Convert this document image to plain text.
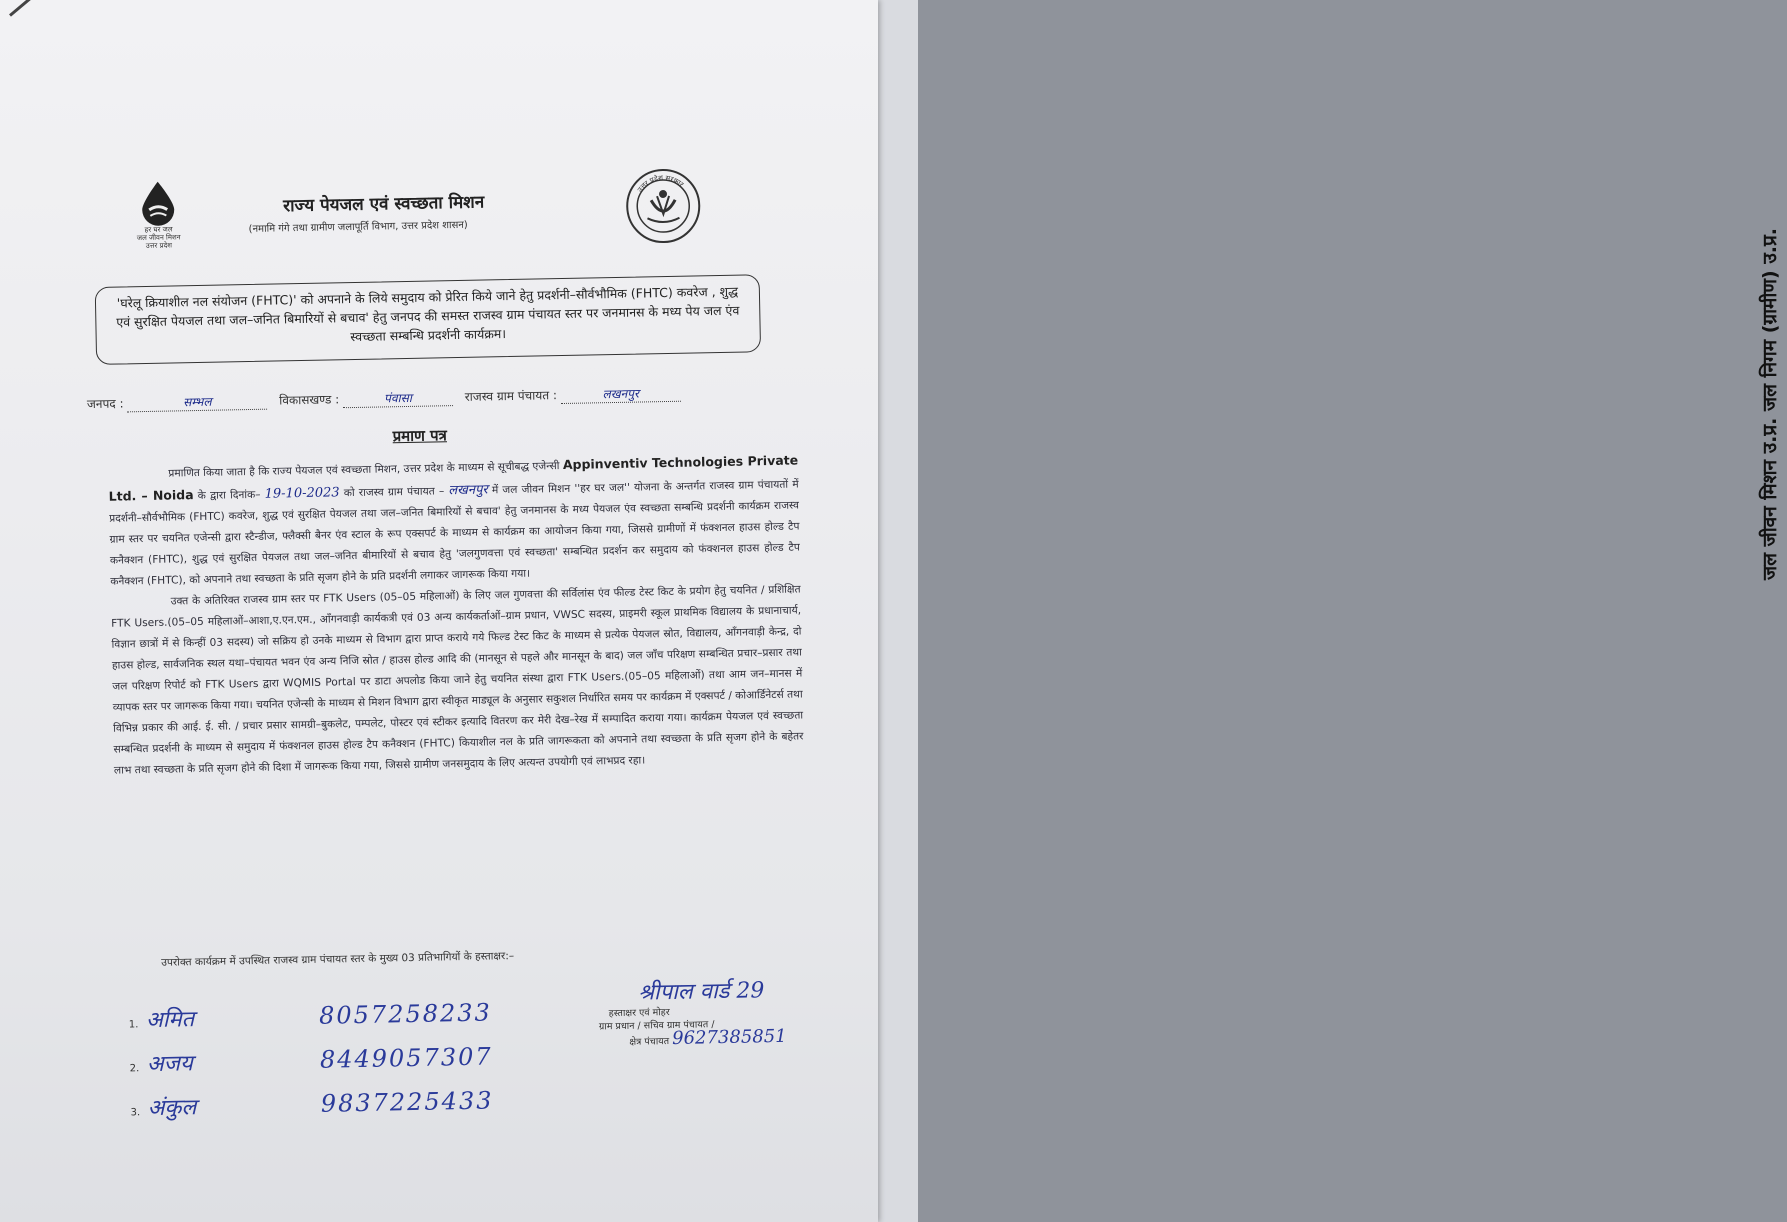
जल जीवन मिशन उ.प्र. जल निगम (ग्रामीण) उ.प्र.
हर घर जल
जल जीवन मिशन
उत्तर प्रदेश
राज्य पेयजल एवं स्वच्छता मिशन
(नमामि गंगे तथा ग्रामीण जलापूर्ति विभाग, उत्तर प्रदेश शासन)
उत्तर प्रदेश सरकार
'घरेलू क्रियाशील नल संयोजन (FHTC)' को अपनाने के लिये समुदाय को प्रेरित किये जाने हेतु प्रदर्शनी–सौर्वभौमिक (FHTC) कवरेज , शुद्ध एवं सुरक्षित पेयजल तथा जल–जनित बिमारियों से बचाव' हेतु जनपद की समस्त राजस्व ग्राम पंचायत स्तर पर जनमानस के मध्य पेय जल एंव स्वच्छता सम्बन्धि प्रदर्शनी कार्यक्रम।
जनपद :	सम्भल	विकासखण्ड :	पंवासा	राजस्व ग्राम पंचायत :	लखनपुर
प्रमाण पत्र

प्रमाणित किया जाता है कि राज्य पेयजल एवं स्वच्छता मिशन, उत्तर प्रदेश के माध्यम से सूचीबद्ध एजेन्सी Appinventiv Technologies Private Ltd. – Noida के द्वारा दिनांक– 19-10-2023 को राजस्व ग्राम पंचायत – लखनपुर में जल जीवन मिशन ''हर घर जल'' योजना के अन्तर्गत राजस्व ग्राम पंचायतों में प्रदर्शनी–सौर्वभौमिक (FHTC) कवरेज, शुद्ध एवं सुरक्षित पेयजल तथा जल–जनित बिमारियों से बचाव' हेतु जनमानस के मध्य पेयजल एंव स्वच्छता सम्बन्धि प्रदर्शनी कार्यक्रम राजस्व ग्राम स्तर पर चयनित एजेन्सी द्वारा स्टैन्डीज, फ्लैक्सी बैनर एंव स्टाल के रूप एक्सपर्ट के माध्यम से कार्यक्रम का आयोजन किया गया, जिससे ग्रामीणों में फंक्शनल हाउस होल्ड टैप कनैक्शन (FHTC), शुद्ध एवं सुरक्षित पेयजल तथा जल–जनित बीमारियों से बचाव हेतु 'जलगुणवत्ता एवं स्वच्छता' सम्बन्धित प्रदर्शन कर समुदाय को फंक्शनल हाउस होल्ड टैप कनैक्शन (FHTC), को अपनाने तथा स्वच्छता के प्रति सृजग होने के प्रति प्रदर्शनी लगाकर जागरूक किया गया।

उक्त के अतिरिक्त राजस्व ग्राम स्तर पर FTK Users (05–05 महिलाओं) के लिए जल गुणवत्ता की सर्विलांस एंव फील्ड टेस्ट किट के प्रयोग हेतु चयनित / प्रशिक्षित FTK Users.(05–05 महिलाओं–आशा,ए.एन.एम., आँगनवाड़ी कार्यकत्री एवं 03 अन्य कार्यकर्ताओं–ग्राम प्रधान, VWSC सदस्य, प्राइमरी स्कूल प्राथमिक विद्यालय के प्रधानाचार्य, विज्ञान छात्रों में से किन्हीं 03 सदस्य) जो सक्रिय हो उनके माध्यम से विभाग द्वारा प्राप्त कराये गये फिल्ड टेस्ट किट के माध्यम से प्रत्येक पेयजल स्रोत, विद्यालय, आँगनवाड़ी केन्द्र, दो हाउस होल्ड, सार्वजनिक स्थल यथा–पंचायत भवन एंव अन्य निजि स्रोत / हाउस होल्ड आदि की (मानसून से पहले और मानसून के बाद) जल जाँच परिक्षण सम्बन्धित प्रचार–प्रसार तथा जल परिक्षण रिपोर्ट को FTK Users द्वारा WQMIS Portal पर डाटा अपलोड किया जाने हेतु चयनित संस्था द्वारा FTK Users.(05–05 महिलाओं) तथा आम जन–मानस में व्यापक स्तर पर जागरूक किया गया। चयनित एजेन्सी के माध्यम से मिशन विभाग द्वारा स्वीकृत माड्यूल के अनुसार सकुशल निर्धारित समय पर कार्यक्रम में एक्सपर्ट / कोआर्डिनेटर्स तथा विभिन्न प्रकार की आई. ई. सी. / प्रचार प्रसार सामग्री–बुकलेट, पम्पलेट, पोस्टर एवं स्टीकर इत्यादि वितरण कर मेरी देख–रेख में सम्पादित कराया गया। कार्यक्रम पेयजल एवं स्वच्छता सम्बन्धित प्रदर्शनी के माध्यम से समुदाय में फंक्शनल हाउस होल्ड टैप कनैक्शन (FHTC) कियाशील नल के प्रति जागरूकता को अपनाने तथा स्वच्छता के प्रति सृजग होने के बहेतर लाभ तथा स्वच्छता के प्रति सृजग होने की दिशा में जागरूक किया गया, जिससे ग्रामीण जनसमुदाय के लिए अत्यन्त उपयोगी एवं लाभप्रद रहा।

उपरोक्त कार्यक्रम में उपस्थित राजस्व ग्राम पंचायत स्तर के मुख्य 03 प्रतिभागियों के हस्ताक्षर:–
1. अमित	8057258233
2. अजय	8449057307
3. अंकुल	9837225433
श्रीपाल वार्ड 29
हस्ताक्षर एवं मोहर
ग्राम प्रधान / सचिव ग्राम पंचायत /
क्षेत्र पंचायत 9627385851
